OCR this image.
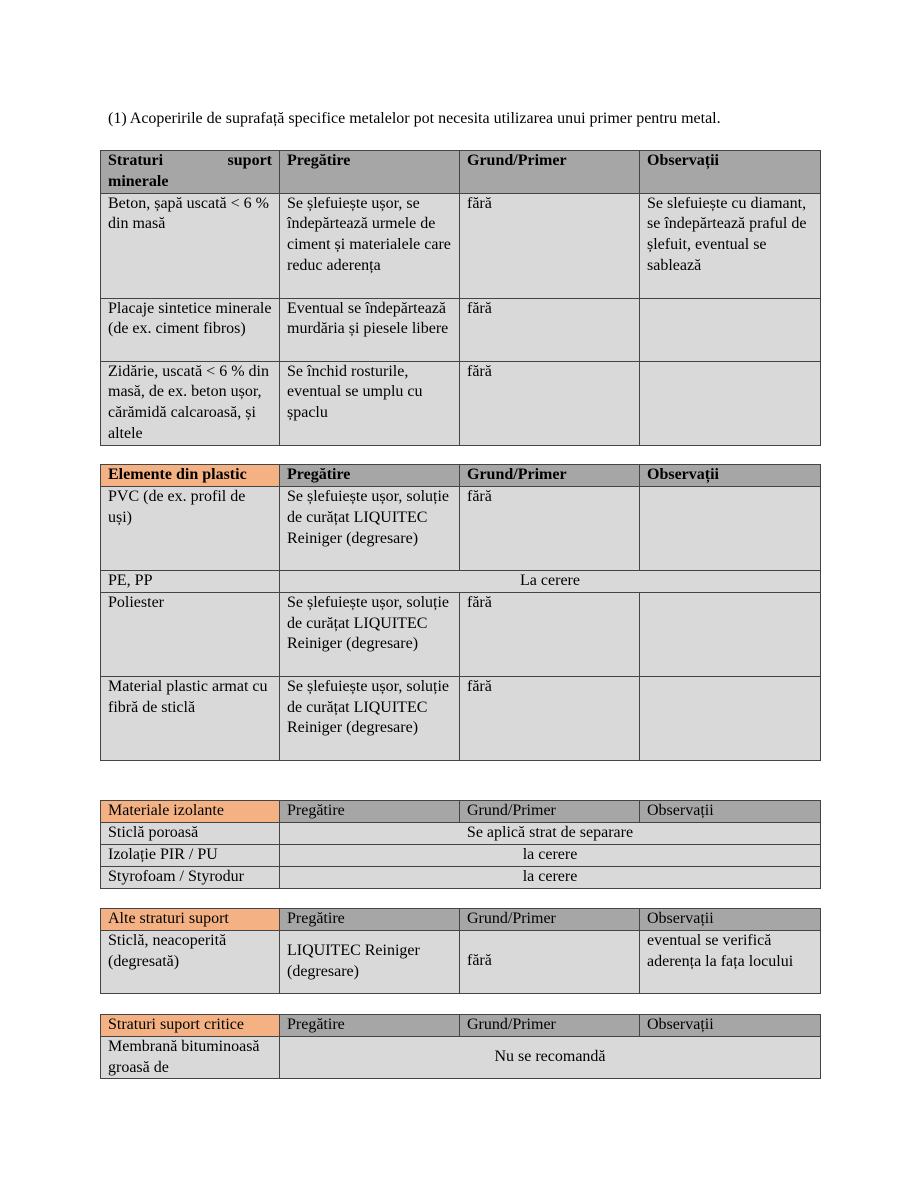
(1) Acoperirile de suprafață specifice metalelor pot necesita utilizarea unui primer pentru metal.
Straturi suport minerale	Pregătire	Grund/Primer	Observații
Beton, șapă uscată < 6 % din masă	Se șlefuiește ușor, se îndepărtează urmele de ciment și materialele care reduc aderența	fără	Se slefuiește cu diamant, se îndepărtează praful de șlefuit, eventual se sablează
Placaje sintetice minerale (de ex. ciment fibros)	Eventual se îndepărtează murdăria și piesele libere	fără	
Zidărie, uscată < 6 % din masă, de ex. beton ușor, cărămidă calcaroasă, și altele	Se închid rosturile, eventual se umplu cu șpaclu	fără	
Elemente din plastic	Pregătire	Grund/Primer	Observații
PVC (de ex. profil de uși)	Se șlefuiește ușor, soluție de curățat LIQUITEC Reiniger (degresare)	fără	
PE, PP	La cerere		
Poliester	Se șlefuiește ușor, soluție de curățat LIQUITEC Reiniger (degresare)	fără	
Material plastic armat cu fibră de sticlă	Se șlefuiește ușor, soluție de curățat LIQUITEC Reiniger (degresare)	fără	
Materiale izolante	Pregătire	Grund/Primer	Observații
Sticlă poroasă	Se aplică strat de separare		
Izolație PIR / PU	la cerere		
Styrofoam / Styrodur	la cerere		
Alte straturi suport	Pregătire	Grund/Primer	Observații
Sticlă, neacoperită (degresată)	LIQUITEC Reiniger (degresare)	fără	eventual se verifică aderența la fața locului
Straturi suport critice	Pregătire	Grund/Primer	Observații
Membrană bituminoasă groasă de	Nu se recomandă		
